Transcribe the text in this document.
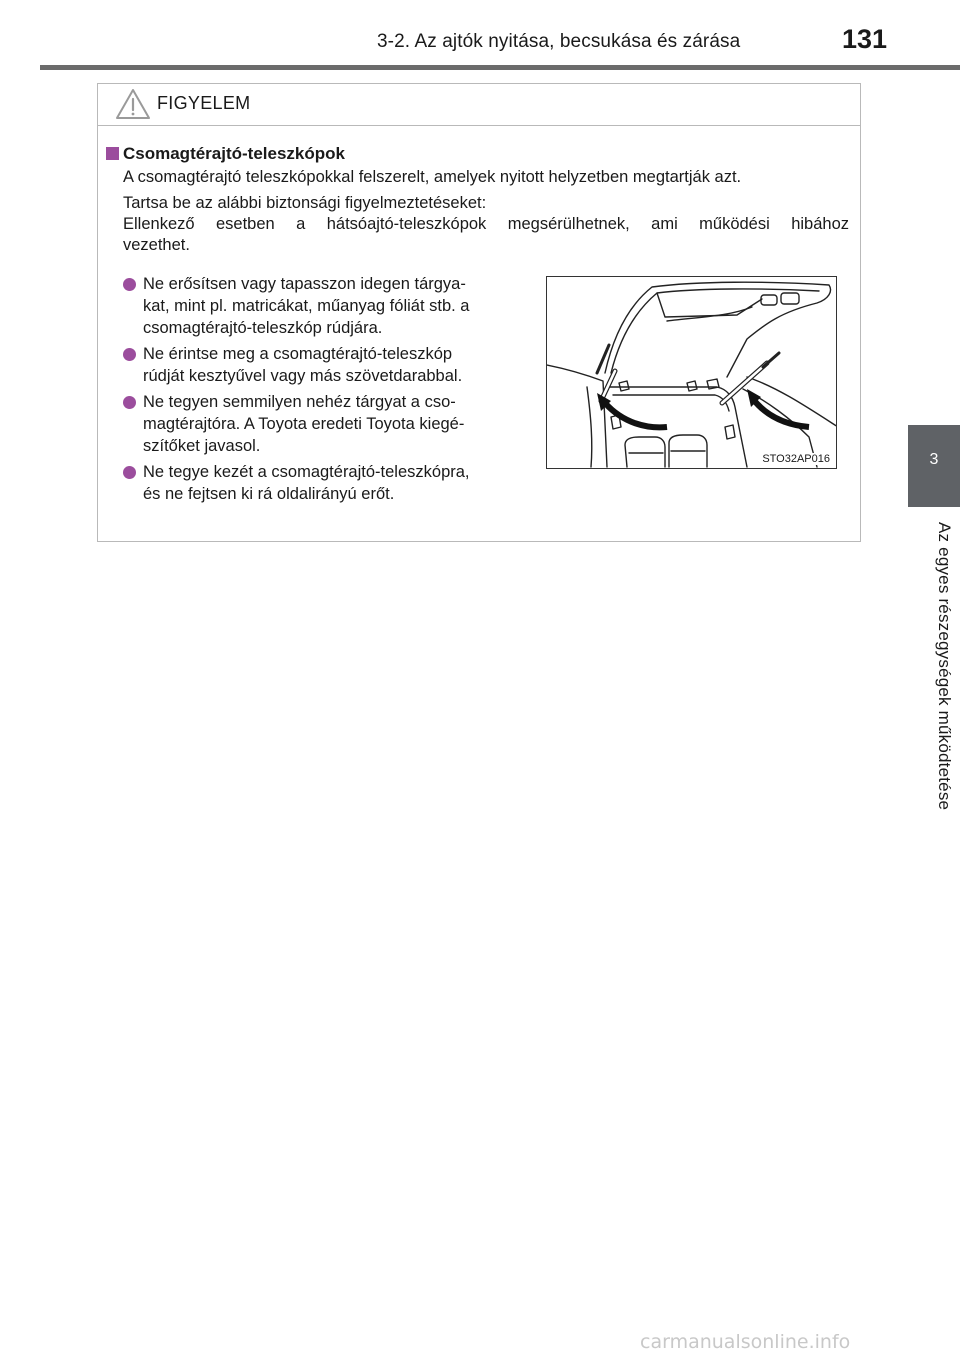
3-2. Az ajtók nyitása, becsukása és zárása	131
3
Az egyes részegységek működtetése
FIGYELEM
Csomagtérajtó-teleszkópok
A csomagtérajtó teleszkópokkal felszerelt, amelyek nyitott helyzetben megtartják azt.
Tartsa be az alábbi biztonsági figyelmeztetéseket:
Ellenkező esetben a hátsóajtó-teleszkópok megsérülhetnek, ami működési hibához
vezethet.
Ne erősítsen vagy tapasszon idegen tárgya-
kat, mint pl. matricákat, műanyag fóliát stb. a
csomagtérajtó-teleszkóp rúdjára.
Ne érintse meg a csomagtérajtó-teleszkóp
rúdját kesztyűvel vagy más szövetdarabbal.
Ne tegyen semmilyen nehéz tárgyat a cso-
magtérajtóra. A Toyota eredeti Toyota kiegé-
szítőket javasol.
Ne tegye kezét a csomagtérajtó-teleszkópra,
és ne fejtsen ki rá oldalirányú erőt.
STO32AP016
carmanualsonline.info
